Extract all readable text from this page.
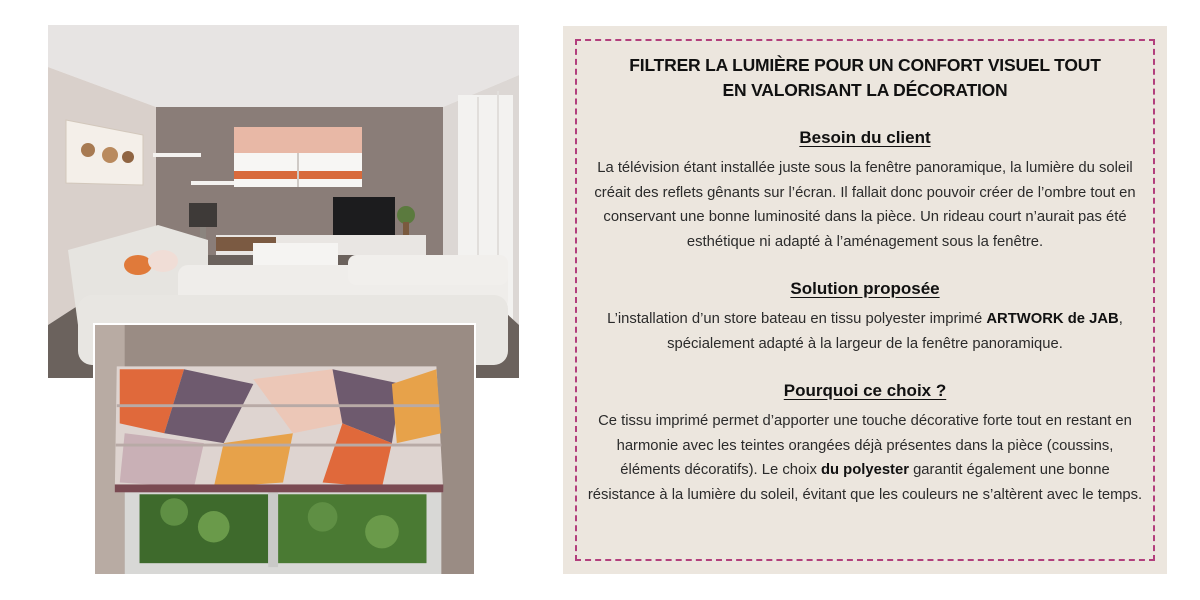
FILTRER LA LUMIÈRE POUR UN CONFORT VISUEL TOUT
EN VALORISANT LA DÉCORATION
Besoin du client

La télévision étant installée juste sous la fenêtre panoramique, la lumière du soleil créait des reflets gênants sur l’écran. Il fallait donc pouvoir créer de l’ombre tout en conservant une bonne luminosité dans la pièce. Un rideau court n’aurait pas été esthétique ni adapté à l’aménagement sous la fenêtre.

Solution proposée

L’installation d’un store bateau en tissu polyester imprimé ARTWORK de JAB, spécialement adapté à la largeur de la fenêtre panoramique.

Pourquoi ce choix ?

Ce tissu imprimé permet d’apporter une touche décorative forte tout en restant en harmonie avec les teintes orangées déjà présentes dans la pièce (coussins, éléments décoratifs). Le choix du polyester garantit également une bonne résistance à la lumière du soleil, évitant que les couleurs ne s’altèrent avec le temps.
